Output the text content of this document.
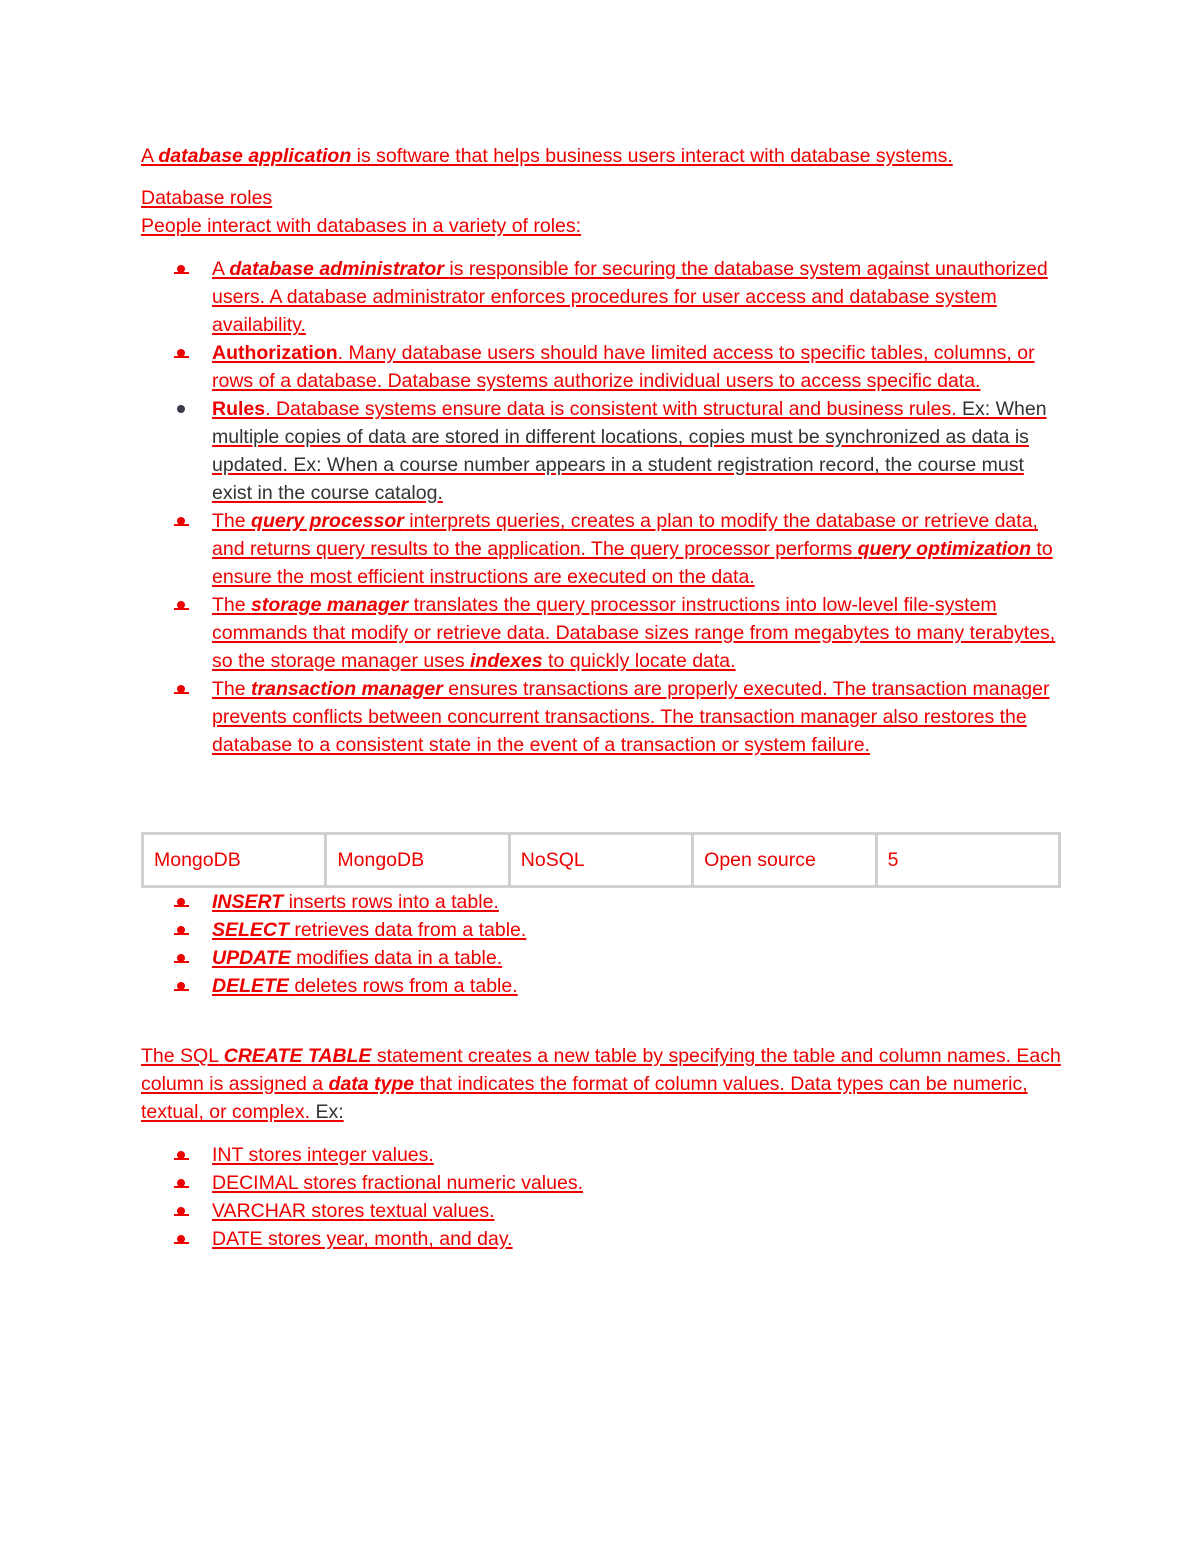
A database application is software that helps business users interact with database systems.

Database roles
People interact with databases in a variety of roles:

A database administrator is responsible for securing the database system against unauthorized users. A database administrator enforces procedures for user access and database system availability.
Authorization. Many database users should have limited access to specific tables, columns, or rows of a database. Database systems authorize individual users to access specific data.
Rules. Database systems ensure data is consistent with structural and business rules. Ex: When multiple copies of data are stored in different locations, copies must be synchronized as data is updated. Ex: When a course number appears in a student registration record, the course must exist in the course catalog.
The query processor interprets queries, creates a plan to modify the database or retrieve data, and returns query results to the application. The query processor performs query optimization to ensure the most efficient instructions are executed on the data.
The storage manager translates the query processor instructions into low-level file-system commands that modify or retrieve data. Database sizes range from megabytes to many terabytes, so the storage manager uses indexes to quickly locate data.
The transaction manager ensures transactions are properly executed. The transaction manager prevents conflicts between concurrent transactions. The transaction manager also restores the database to a consistent state in the event of a transaction or system failure.
MongoDB	MongoDB	NoSQL	Open source	5
INSERT inserts rows into a table.
SELECT retrieves data from a table.
UPDATE modifies data in a table.
DELETE deletes rows from a table.

The SQL CREATE TABLE statement creates a new table by specifying the table and column names. Each column is assigned a data type that indicates the format of column values. Data types can be numeric, textual, or complex. Ex:

INT stores integer values.
DECIMAL stores fractional numeric values.
VARCHAR stores textual values.
DATE stores year, month, and day.
